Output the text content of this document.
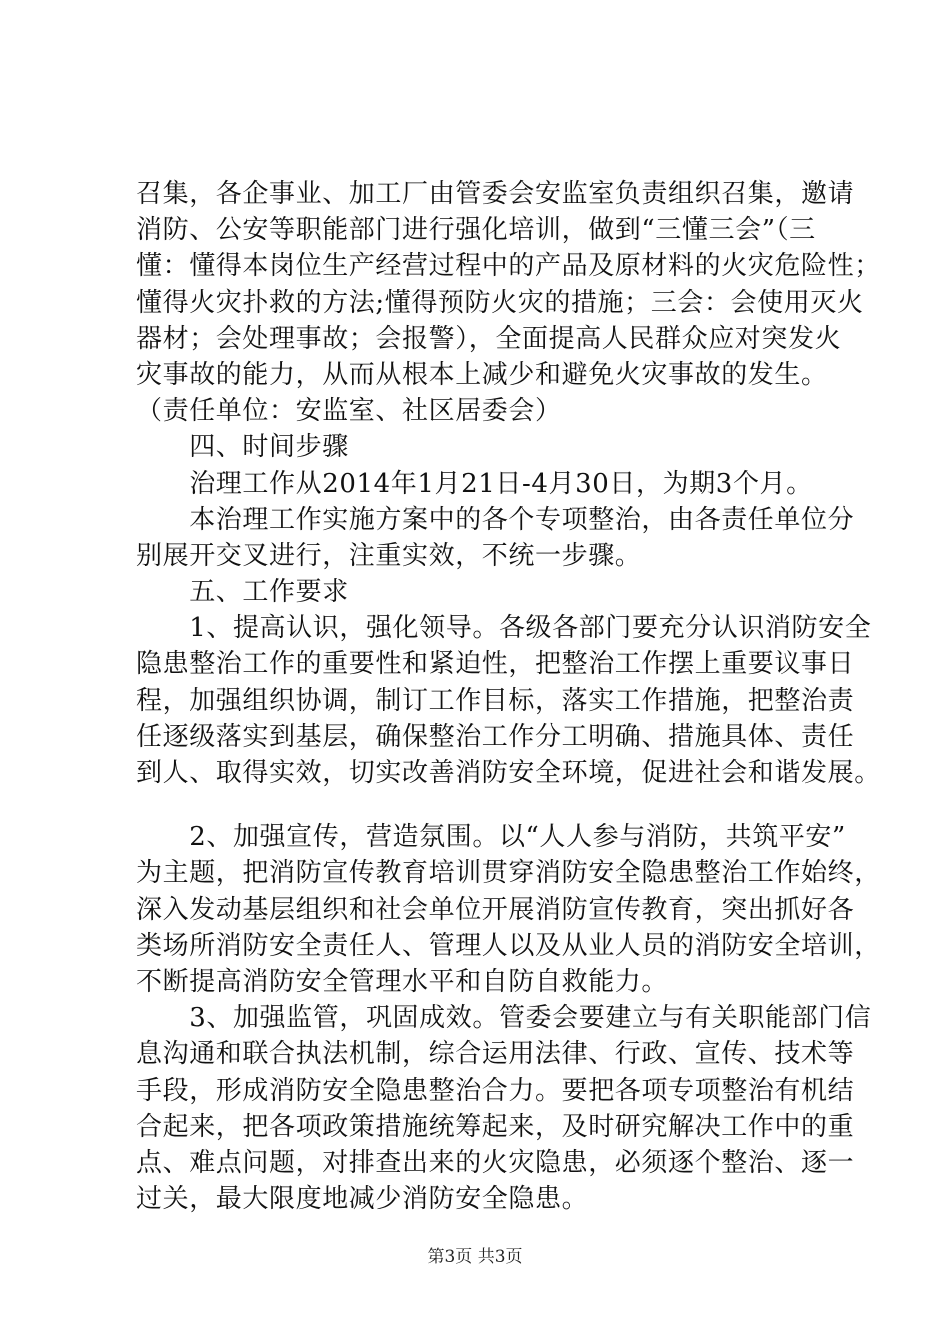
召集，各企事业、加工厂由管委会安监室负责组织召集，邀请
消防、公安等职能部门进行强化培训，做到“三懂三会”（三
懂：懂得本岗位生产经营过程中的产品及原材料的火灾危险性；
懂得火灾扑救的方法;懂得预防火灾的措施；三会：会使用灭火
器材；会处理事故；会报警），全面提高人民群众应对突发火
灾事故的能力，从而从根本上减少和避免火灾事故的发生。
（责任单位：安监室、社区居委会）
　　四、时间步骤
　　治理工作从2014年1月21日-4月30日，为期3个月。
　　本治理工作实施方案中的各个专项整治，由各责任单位分
别展开交叉进行，注重实效，不统一步骤。
　　五、工作要求
　　1、提高认识，强化领导。各级各部门要充分认识消防安全
隐患整治工作的重要性和紧迫性，把整治工作摆上重要议事日
程，加强组织协调，制订工作目标，落实工作措施，把整治责
任逐级落实到基层，确保整治工作分工明确、措施具体、责任
到人、取得实效，切实改善消防安全环境，促进社会和谐发展。
　　2、加强宣传，营造氛围。以“人人参与消防，共筑平安”
为主题，把消防宣传教育培训贯穿消防安全隐患整治工作始终，
深入发动基层组织和社会单位开展消防宣传教育，突出抓好各
类场所消防安全责任人、管理人以及从业人员的消防安全培训，
不断提高消防安全管理水平和自防自救能力。
　　3、加强监管，巩固成效。管委会要建立与有关职能部门信
息沟通和联合执法机制，综合运用法律、行政、宣传、技术等
手段，形成消防安全隐患整治合力。要把各项专项整治有机结
合起来，把各项政策措施统筹起来，及时研究解决工作中的重
点、难点问题，对排查出来的火灾隐患，必须逐个整治、逐一
过关，最大限度地减少消防安全隐患。
第3页 共3页
